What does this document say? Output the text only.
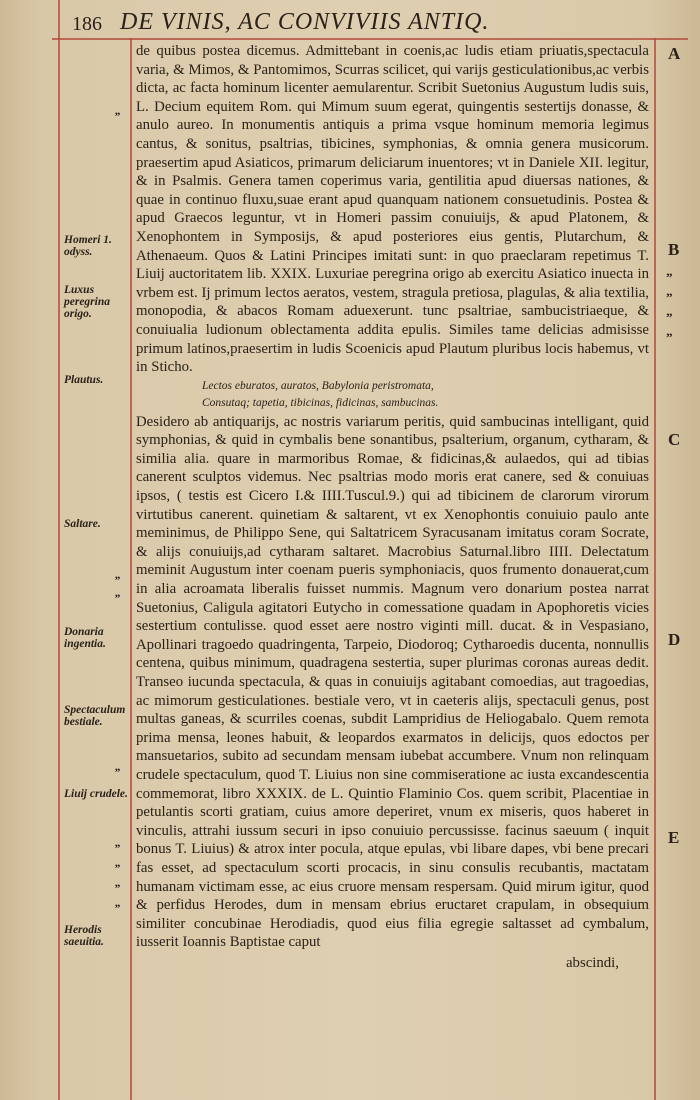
186 DE VINIS, AC CONVIVIIS ANTIQ.
”
Homeri 1. odyss.
Luxus peregrina origo.
Plautus.
Saltare.
”
”
Donaria ingentia.
Spectaculum bestiale.
”
Liuij crudele.
”
”
”
”
Herodis saeuitia.

de quibus postea dicemus. Admittebant in coenis,ac ludis etiam priuatis,spectacula varia, & Mimos, & Pantomimos, Scurras scilicet, qui varijs gesticulationibus,ac verbis dicta, ac facta hominum licenter aemularentur. Scribit Suetonius Augustum ludis suis, L. Decium equitem Rom. qui Mimum suum egerat, quingentis sestertijs donasse, & anulo aureo. In monumentis antiquis a prima vsque hominum memoria legimus cantus, & sonitus, psaltrias, tibicines, symphonias, & omnia genera musicorum. praesertim apud Asiaticos, primarum deliciarum inuentores; vt in Daniele XII. legitur, & in Psalmis. Genera tamen coperimus varia, gentilitia apud diuersas nationes, & quae in continuo fluxu,suae erant apud quanquam nationem consuetudinis. Postea & apud Graecos leguntur, vt in Homeri passim conuiuijs, & apud Platonem, & Xenophontem in Symposijs, & apud posteriores eius gentis, Plutarchum, & Athenaeum. Quos & Latini Principes imitati sunt: in quo praeclaram repetimus T. Liuij auctoritatem lib. XXIX. Luxuriae peregrina origo ab exercitu Asiatico inuecta in vrbem est. Ij primum lectos aeratos, vestem, stragula pretiosa, plagulas, & alia textilia, monopodia, & abacos Romam aduexerunt. tunc psaltriae, sambucistriaeque, & conuiualia ludionum oblectamenta addita epulis. Similes tame delicias admisisse primum latinos,praesertim in ludis Scoenicis apud Plautum pluribus locis habemus, vt in Sticho.

Lectos eburatos, auratos, Babylonia peristromata,
Consutaq; tapetia, tibicinas, fidicinas, sambucinas.

Desidero ab antiquarijs, ac nostris variarum peritis, quid sambucinas intelligant, quid symphonias, & quid in cymbalis bene sonantibus, psalterium, organum, cytharam, & similia alia. quare in marmoribus Romae, & fidicinas,& aulaedos, qui ad tibias canerent sculptos videmus. Nec psaltrias modo moris erat canere, sed & conuiuas ipsos, ( testis est Cicero I.& IIII.Tuscul.9.) qui ad tibicinem de clarorum virorum virtutibus canerent. quinetiam & saltarent, vt ex Xenophontis conuiuio paulo ante meminimus, de Philippo Sene, qui Saltatricem Syracusanam imitatus coram Socrate, & alijs conuiuijs,ad cytharam saltaret. Macrobius Saturnal.libro IIII. Delectatum meminit Augustum inter coenam pueris symphoniacis, quos frumento donauerat,cum in alia acroamata liberalis fuisset nummis. Magnum vero donarium postea narrat Suetonius, Caligula agitatori Eutycho in comessatione quadam in Apophoretis vicies sestertium contulisse. quod esset aere nostro viginti mill. ducat. & in Vespasiano, Apollinari tragoedo quadringenta, Tarpeio, Diodoroq; Cytharoedis ducenta, nonnullis centena, quibus minimum, quadragena sestertia, super plurimas coronas aureas dedit. Transeo iucunda spectacula, & quas in conuiuijs agitabant comoedias, aut tragoedias, ac mimorum gesticulationes. bestiale vero, vt in caeteris alijs, spectaculi genus, post multas ganeas, & scurriles coenas, subdit Lampridius de Heliogabalo. Quem remota prima mensa, leones habuit, & leopardos exarmatos in delicijs, quos edoctos per mansuetarios, subito ad secundam mensam iubebat accumbere. Vnum non relinquam crudele spectaculum, quod T. Liuius non sine commiseratione ac iusta excandescentia commemorat, libro XXXIX. de L. Quintio Flaminio Cos. quem scribit, Placentiae in petulantis scorti gratiam, cuius amore deperiret, vnum ex miseris, quos haberet in vinculis, attrahi iussum securi in ipso conuiuio percussisse. facinus saeuum ( inquit bonus T. Liuius) & atrox inter pocula, atque epulas, vbi libare dapes, vbi bene precari fas esset, ad spectaculum scorti procacis, in sinu consulis recubantis, mactatam humanam victimam esse, ac eius cruore mensam respersam. Quid mirum igitur, quod & perfidus Herodes, dum in mensam ebrius eructaret crapulam, in obsequium similiter concubinae Herodiadis, quod eius filia egregie saltasset ad cymbalum, iusserit Ioannis Baptistae caput

abscindi,
A
B
”
”
”
”
C
D
E
